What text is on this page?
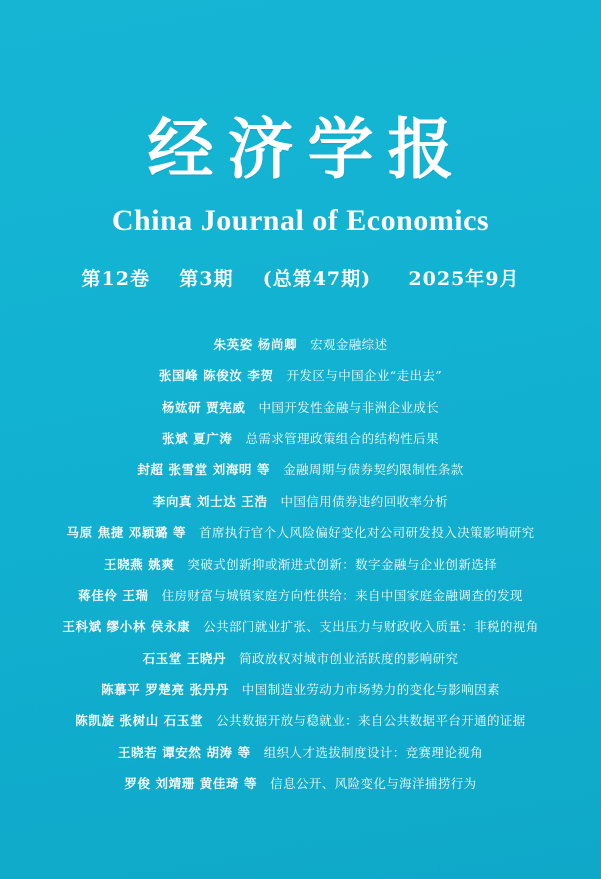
经济学报
China Journal of Economics
第12卷 第3期 (总第47期) 2025年9月
朱英姿 杨尚卿 宏观金融综述
张国峰 陈俊汝 李贺 开发区与中国企业“走出去”
杨竑研 贾宪威 中国开发性金融与非洲企业成长
张斌 夏广涛 总需求管理政策组合的结构性后果
封超 张雪堂 刘海明 等 金融周期与债券契约限制性条款
李向真 刘士达 王浩 中国信用债券违约回收率分析
马原 焦捷 邓颖璐 等 首席执行官个人风险偏好变化对公司研发投入决策影响研究
王晓燕 姚爽 突破式创新抑或渐进式创新：数字金融与企业创新选择
蒋佳伶 王瑞 住房财富与城镇家庭方向性供给：来自中国家庭金融调查的发现
王科斌 缪小林 侯永康 公共部门就业扩张、支出压力与财政收入质量：非税的视角
石玉堂 王晓丹 简政放权对城市创业活跃度的影响研究
陈慕平 罗楚亮 张丹丹 中国制造业劳动力市场势力的变化与影响因素
陈凯旋 张树山 石玉堂 公共数据开放与稳就业：来自公共数据平台开通的证据
王晓若 谭安然 胡涛 等 组织人才选拔制度设计：竞赛理论视角
罗俊 刘靖珊 黄佳琦 等 信息公开、风险变化与海洋捕捞行为
